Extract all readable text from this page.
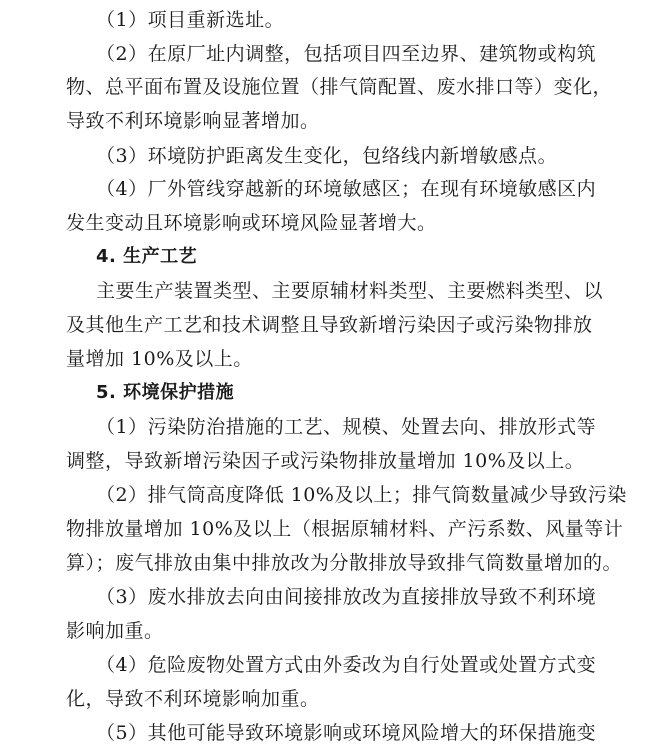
（1）项目重新选址。
（2）在原厂址内调整，包括项目四至边界、建筑物或构筑
物、总平面布置及设施位置（排气筒配置、废水排口等）变化，
导致不利环境影响显著增加。
（3）环境防护距离发生变化，包络线内新增敏感点。
（4）厂外管线穿越新的环境敏感区；在现有环境敏感区内
发生变动且环境影响或环境风险显著增大。
4. 生产工艺
主要生产装置类型、主要原辅材料类型、主要燃料类型、以
及其他生产工艺和技术调整且导致新增污染因子或污染物排放
量增加 10%及以上。
5. 环境保护措施
（1）污染防治措施的工艺、规模、处置去向、排放形式等
调整，导致新增污染因子或污染物排放量增加 10%及以上。
（2）排气筒高度降低 10%及以上；排气筒数量减少导致污染
物排放量增加 10%及以上（根据原辅材料、产污系数、风量等计
算）；废气排放由集中排放改为分散排放导致排气筒数量增加的。
（3）废水排放去向由间接排放改为直接排放导致不利环境
影响加重。
（4）危险废物处置方式由外委改为自行处置或处置方式变
化，导致不利环境影响加重。
（5）其他可能导致环境影响或环境风险增大的环保措施变
